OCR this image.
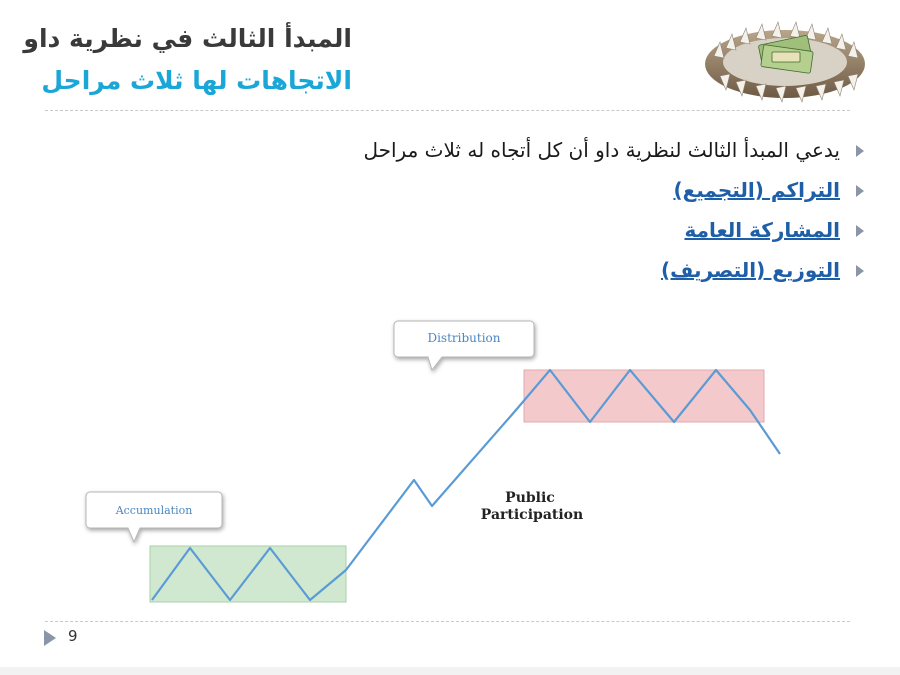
المبدأ الثالث في نظرية داو
الاتجاهات لها ثلاث مراحل
يدعي المبدأ الثالث لنظرية داو أن كل أتجاه له ثلاث مراحل
التراكم (التجميع)
المشاركة العامة
التوزيع (التصريف)
Distribution
Accumulation
Public
Participation
9
